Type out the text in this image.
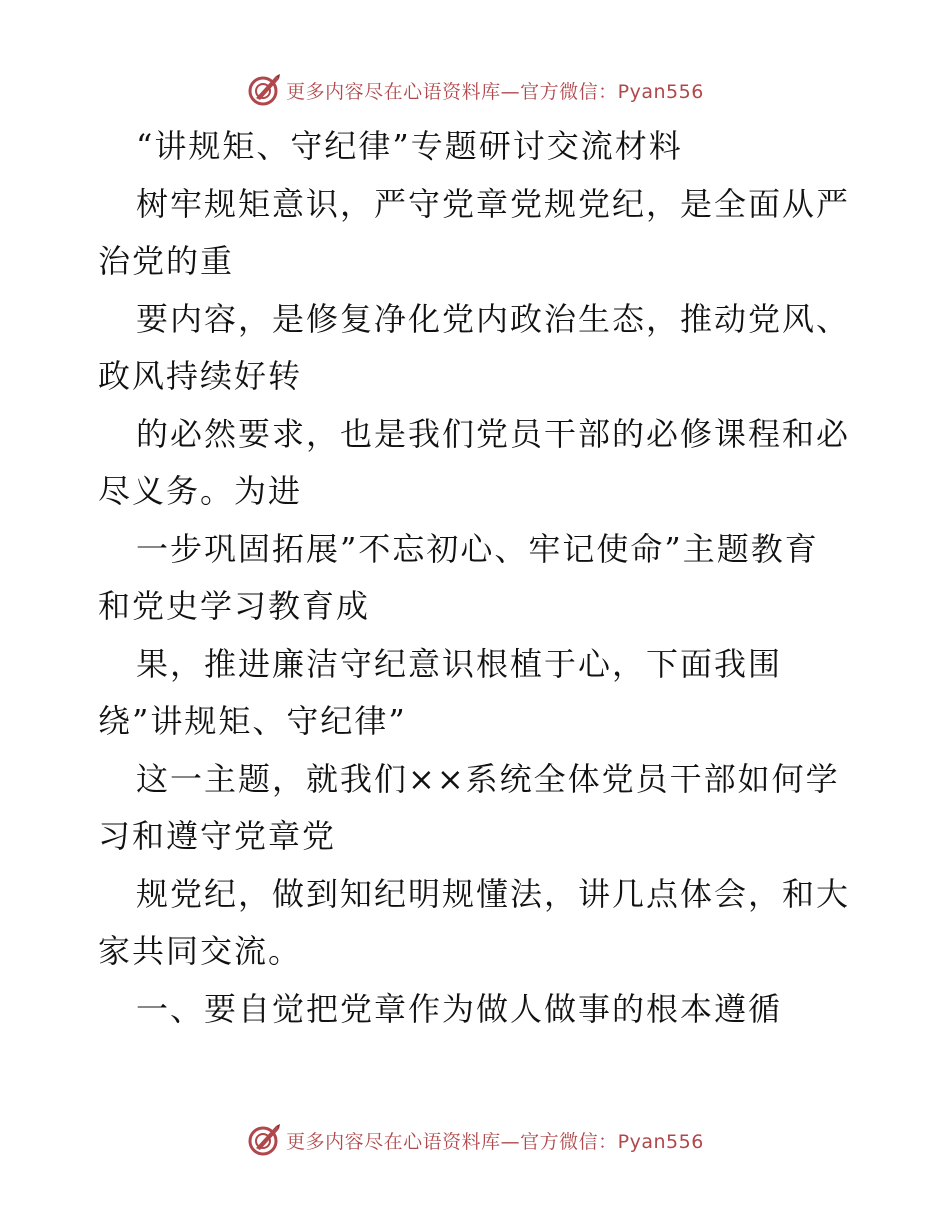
更多内容尽在心语资料库—官方微信：Pyan556
“讲规矩、守纪律”专题研讨交流材料
树牢规矩意识，严守党章党规党纪，是全面从严
治党的重
要内容，是修复净化党内政治生态，推动党风、
政风持续好转
的必然要求，也是我们党员干部的必修课程和必
尽义务。为进
一步巩固拓展”不忘初心、牢记使命”主题教育
和党史学习教育成
果，推进廉洁守纪意识根植于心，下面我围
绕”讲规矩、守纪律”
这一主题，就我们××系统全体党员干部如何学
习和遵守党章党
规党纪，做到知纪明规懂法，讲几点体会，和大
家共同交流。
一、要自觉把党章作为做人做事的根本遵循
更多内容尽在心语资料库—官方微信：Pyan556
